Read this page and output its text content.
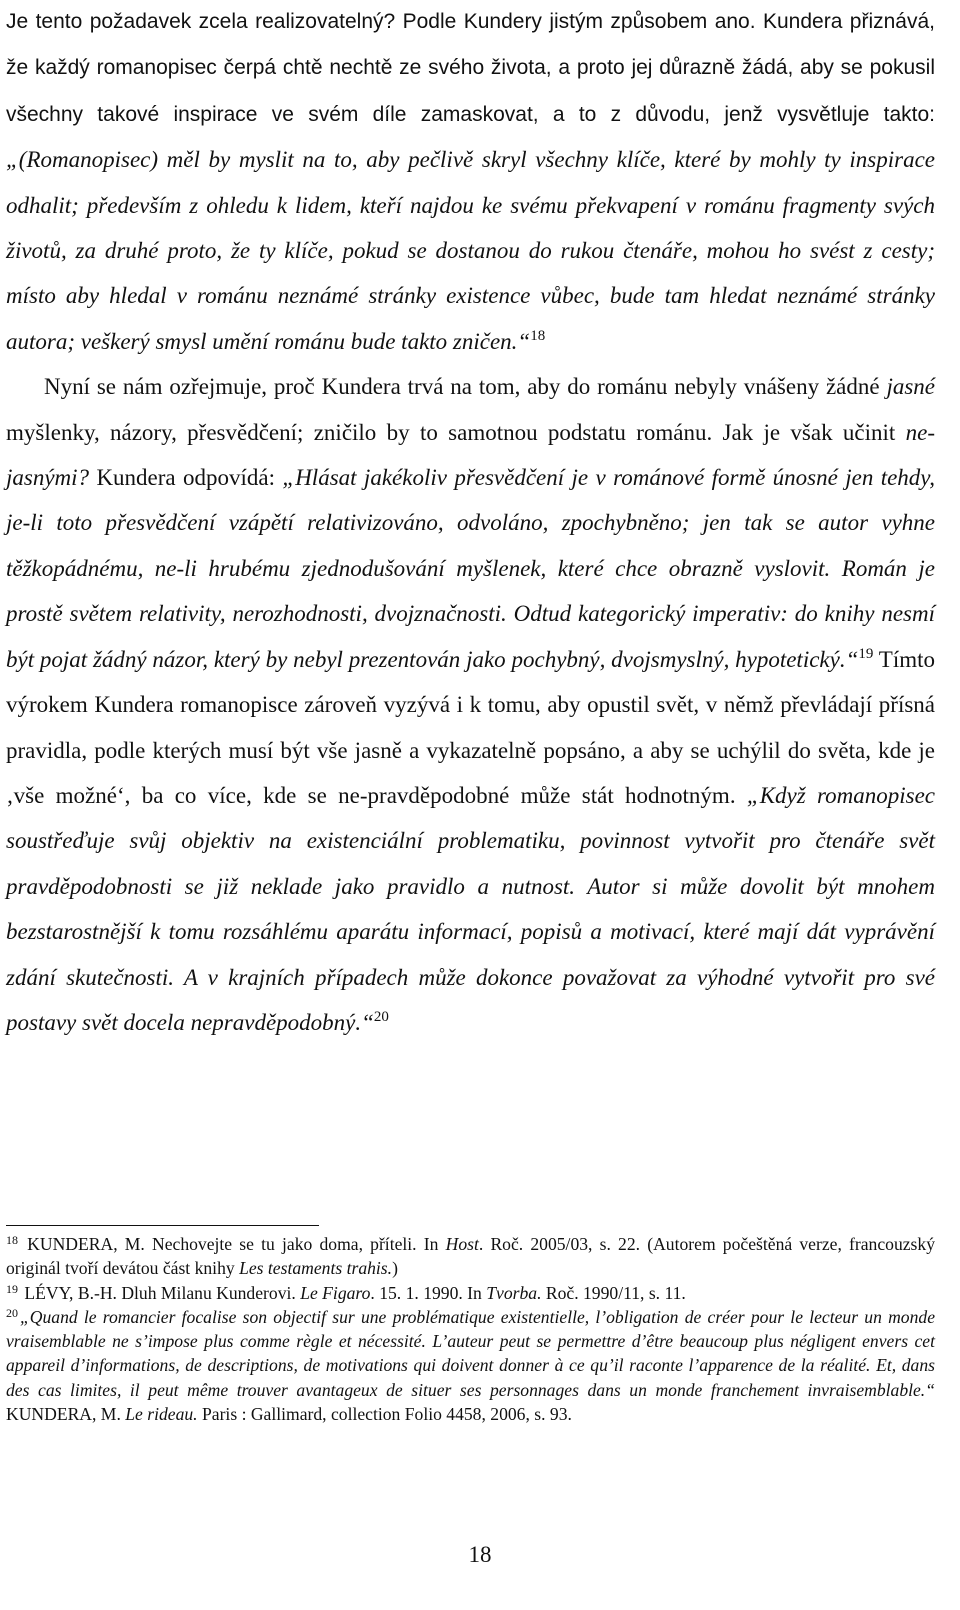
Je tento požadavek zcela realizovatelný? Podle Kundery jistým způsobem ano. Kundera přiznává, že každý romanopisec čerpá chtě nechtě ze svého života, a proto jej důrazně žádá, aby se pokusil všechny takové inspirace ve svém díle zamaskovat, a to z důvodu, jenž vysvětluje takto: „(Romanopisec) měl by myslit na to, aby pečlivě skryl všechny klíče, které by mohly ty inspirace odhalit; především z ohledu k lidem, kteří najdou ke svému překvapení v románu fragmenty svých životů, za druhé proto, že ty klíče, pokud se dostanou do rukou čtenáře, mohou ho svést z cesty; místo aby hledal v románu neznámé stránky existence vůbec, bude tam hledat neznámé stránky autora; veškerý smysl umění románu bude takto zničen.“$^{18}$

Nyní se nám ozřejmuje, proč Kundera trvá na tom, aby do románu nebyly vnášeny žádné jasné myšlenky, názory, přesvědčení; zničilo by to samotnou podstatu románu. Jak je však učinit ne-jasnými? Kundera odpovídá: „Hlásat jakékoliv přesvědčení je v románové formě únosné jen tehdy, je-li toto přesvědčení vzápětí relativizováno, odvoláno, zpochybněno; jen tak se autor vyhne těžkopádnému, ne-li hrubému zjednodušování myšlenek, které chce obrazně vyslovit. Román je prostě světem relativity, nerozhodnosti, dvojznačnosti. Odtud kategorický imperativ: do knihy nesmí být pojat žádný názor, který by nebyl prezentován jako pochybný, dvojsmyslný, hypotetický.“$^{19}$ Tímto výrokem Kundera romanopisce zároveň vyzývá i k tomu, aby opustil svět, v němž převládají přísná pravidla, podle kterých musí být vše jasně a vykazatelně popsáno, a aby se uchýlil do světa, kde je ‚vše možné‘, ba co více, kde se ne-pravděpodobné může stát hodnotným. „Když romanopisec soustřeďuje svůj objektiv na existenciální problematiku, povinnost vytvořit pro čtenáře svět pravděpodobnosti se již neklade jako pravidlo a nutnost. Autor si může dovolit být mnohem bezstarostnější k tomu rozsáhlému aparátu informací, popisů a motivací, které mají dát vyprávění zdání skutečnosti. A v krajních případech může dokonce považovat za výhodné vytvořit pro své postavy svět docela nepravděpodobný.“$^{20}$

$^{18}$ KUNDERA, M. Nechovejte se tu jako doma, příteli. In Host. Roč. 2005/03, s. 22. (Autorem počeštěná verze, francouzský originál tvoří devátou část knihy Les testaments trahis.)

$^{19}$ LÉVY, B.-H. Dluh Milanu Kunderovi. Le Figaro. 15. 1. 1990. In Tvorba. Roč. 1990/11, s. 11.

$^{20}$ „Quand le romancier focalise son objectif sur une problématique existentielle, l’obligation de créer pour le lecteur un monde vraisemblable ne s’impose plus comme règle et nécessité. L’auteur peut se permettre d’être beaucoup plus négligent envers cet appareil d’informations, de descriptions, de motivations qui doivent donner à ce qu’il raconte l’apparence de la réalité. Et, dans des cas limites, il peut même trouver avantageux de situer ses personnages dans un monde franchement invraisemblable.“ KUNDERA, M. Le rideau. Paris : Gallimard, collection Folio 4458, 2006, s. 93.

18
